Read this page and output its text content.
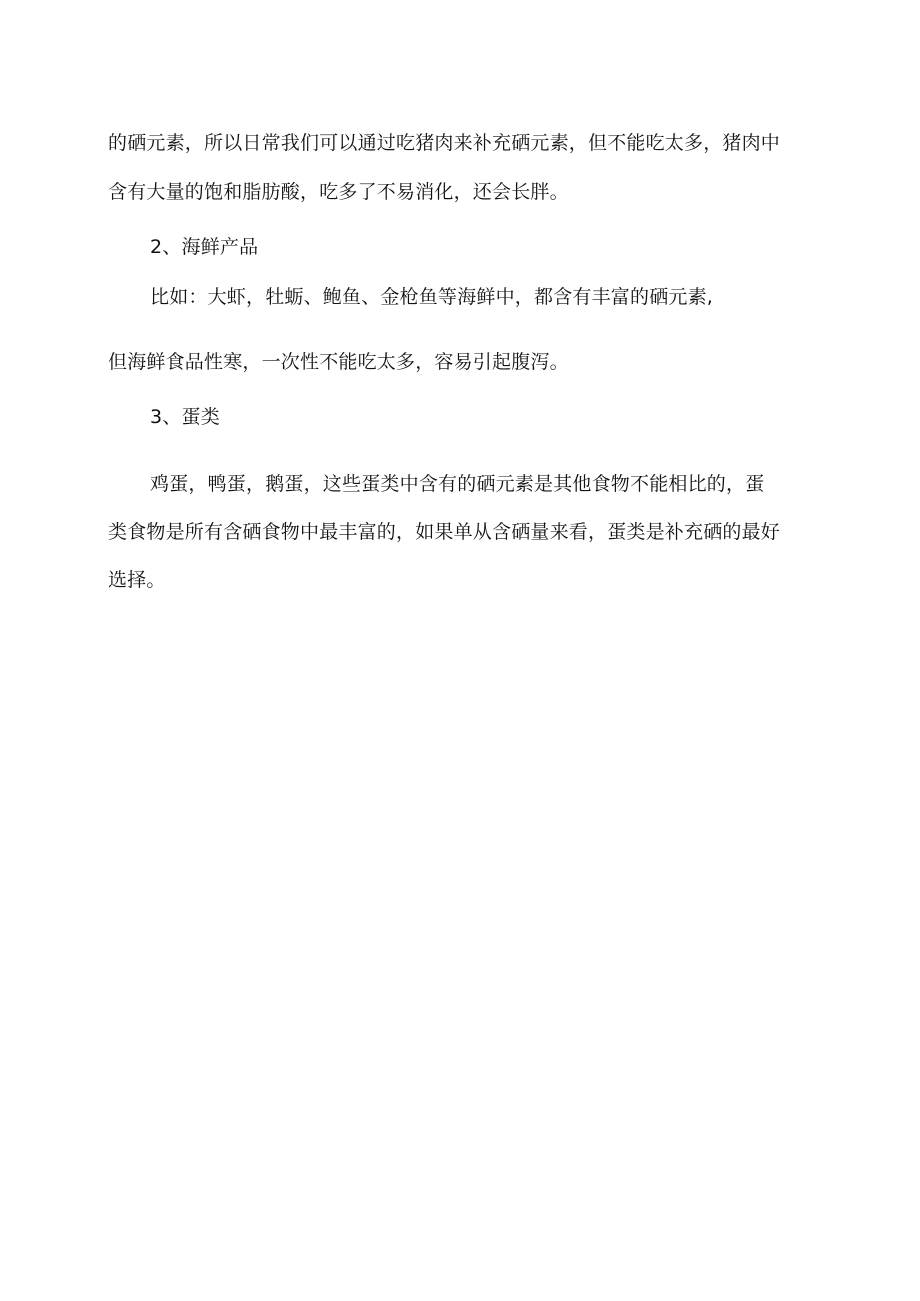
的硒元素，所以日常我们可以通过吃猪肉来补充硒元素，但不能吃太多，猪肉中
含有大量的饱和脂肪酸，吃多了不易消化，还会长胖。
2、海鲜产品
比如：大虾，牡蛎、鲍鱼、金枪鱼等海鲜中，都含有丰富的硒元素,
但海鲜食品性寒，一次性不能吃太多，容易引起腹泻。
3、蛋类
鸡蛋，鸭蛋，鹅蛋，这些蛋类中含有的硒元素是其他食物不能相比的，蛋
类食物是所有含硒食物中最丰富的，如果单从含硒量来看，蛋类是补充硒的最好
选择。
